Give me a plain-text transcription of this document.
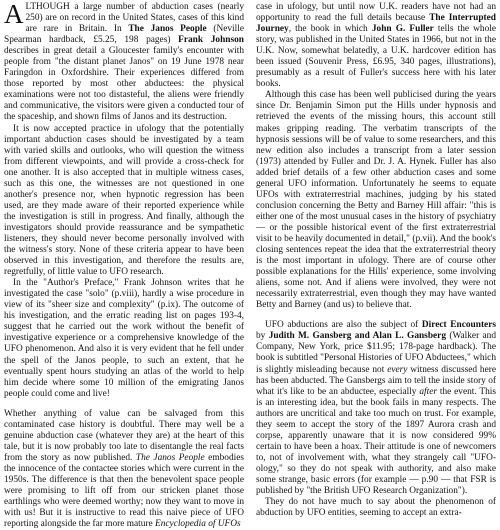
ALTHOUGH a large number of abduction cases (nearly 250) are on record in the United States, cases of this kind are rare in Britain. In The Janos People (Neville Spearman hardback, £5.25, 198 pages) Frank Johnson describes in great detail a Gloucester family's encounter with people from "the distant planet Janos" on 19 June 1978 near Faringdon in Oxfordshire. Their experiences differed from those reported by most other abductees: the physical examinations were not too distasteful, the aliens were friendly and communicative, the visitors were given a conducted tour of the spaceship, and shown films of Janos and its destruction.

It is now accepted practice in ufology that the potentially important abduction cases should be investigated by a team with varied skills and outlooks, who will question the witness from different viewpoints, and will provide a cross-check for one another. It is also accepted that in multiple witness cases, such as this one, the witnesses are not questioned in one another's presence nor, when hypnotic regression has been used, are they made aware of their reported experience while the investigation is still in progress. And finally, although the investigators should provide reassurance and be sympathetic listeners, they should never become personally involved with the witness's story. None of these criteria appear to have been observed in this investigation, and therefore the results are, regretfully, of little value to UFO research.

In the "Author's Preface," Frank Johnson writes that he investigated the case "solo" (p.viii), hardly a wise procedure in view of its "sheer size and complexity" (p.ix). The outcome of his investigation, and the erratic reading list on pages 193-4, suggest that he carried out the work without the benefit of investigative experience or a comprehensive knowledge of the UFO phenomenon. And also it is very evident that he fell under the spell of the Janos people, to such an extent, that he eventually spent hours studying an atlas of the world to help him decide where some 10 million of the emigrating Janos people could come and live!

Whether anything of value can be salvaged from this contaminated case history is doubtful. There may well be a genuine abduction case (whatever they are) at the heart of this tale, but it is now probably too late to disentangle the real facts from the story as now published. The Janos People embodies the innocence of the contactee stories which were current in the 1950s. The difference is that then the benevolent space people were promising to lift off from our stricken planet those earthlings who were deemed worthy; now they want to move in with us! But it is instructive to read this naive piece of UFO reporting alongside the far more mature Encyclopedia of UFOs

case in ufology, but until now U.K. readers have not had an opportunity to read the full details because The Interrupted Journey, the book in which John G. Fuller tells the whole story, was published in the United States in 1966, but not in the U.K. Now, somewhat belatedly, a U.K. hardcover edition has been issued (Souvenir Press, £6.95, 340 pages, illustrations), presumably as a result of Fuller's success here with his later books.

Although this case has been well publicised during the years since Dr. Benjamin Simon put the Hills under hypnosis and retrieved the events of the missing hours, this account still makes gripping reading. The verbatim transcripts of the hypnosis sessions will be of value to some researchers, and this new edition also includes a transcript from a later session (1973) attended by Fuller and Dr. J. A. Hynek. Fuller has also added brief details of a few other abduction cases and some general UFO information. Unfortunately he seems to equate UFOs with extraterrestrial machines, judging by his stated conclusion concerning the Betty and Barney Hill affair: "this is either one of the most unusual cases in the history of psychiatry — or the possible historical event of the first extraterrestrial visit to be heavily documented in detail," (p.vii). And the book's closing sentences repeat the idea that the extraterrestrial theory is the most important in ufology. There are of course other possible explanations for the Hills' experience, some involving aliens, some not. And if aliens were involved, they were not necessarily extraterrestrial, even though they may have wanted Betty and Barney (and us) to believe that.

UFO abductions are also the subject of Direct Encounters by Judith M. Gansberg and Alan L. Gansberg (Walker and Company, New York, price $11.95; 178-page hardback). The book is subtitled "Personal Histories of UFO Abductees," which is slightly misleading because not every witness discussed here has been abducted. The Gansbergs aim to tell the inside story of what it's like to be an abductee, especially after the event. This is an interesting idea, but the book fails in many respects. The authors are uncritical and take too much on trust. For example, they seem to accept the story of the 1897 Aurora crash and corpse, apparently unaware that it is now considered 99% certain to have been a hoax. Their attitude is one of newcomers to, not of involvement with, what they strangely call "UFO-ology," so they do not speak with authority, and also make some strange, basic errors (for example — p.90 — that FSR is published by "the British UFO Research Organization").

They do not have much to say about the phenomenon of abduction by UFO entities, seeming to accept an extra-
